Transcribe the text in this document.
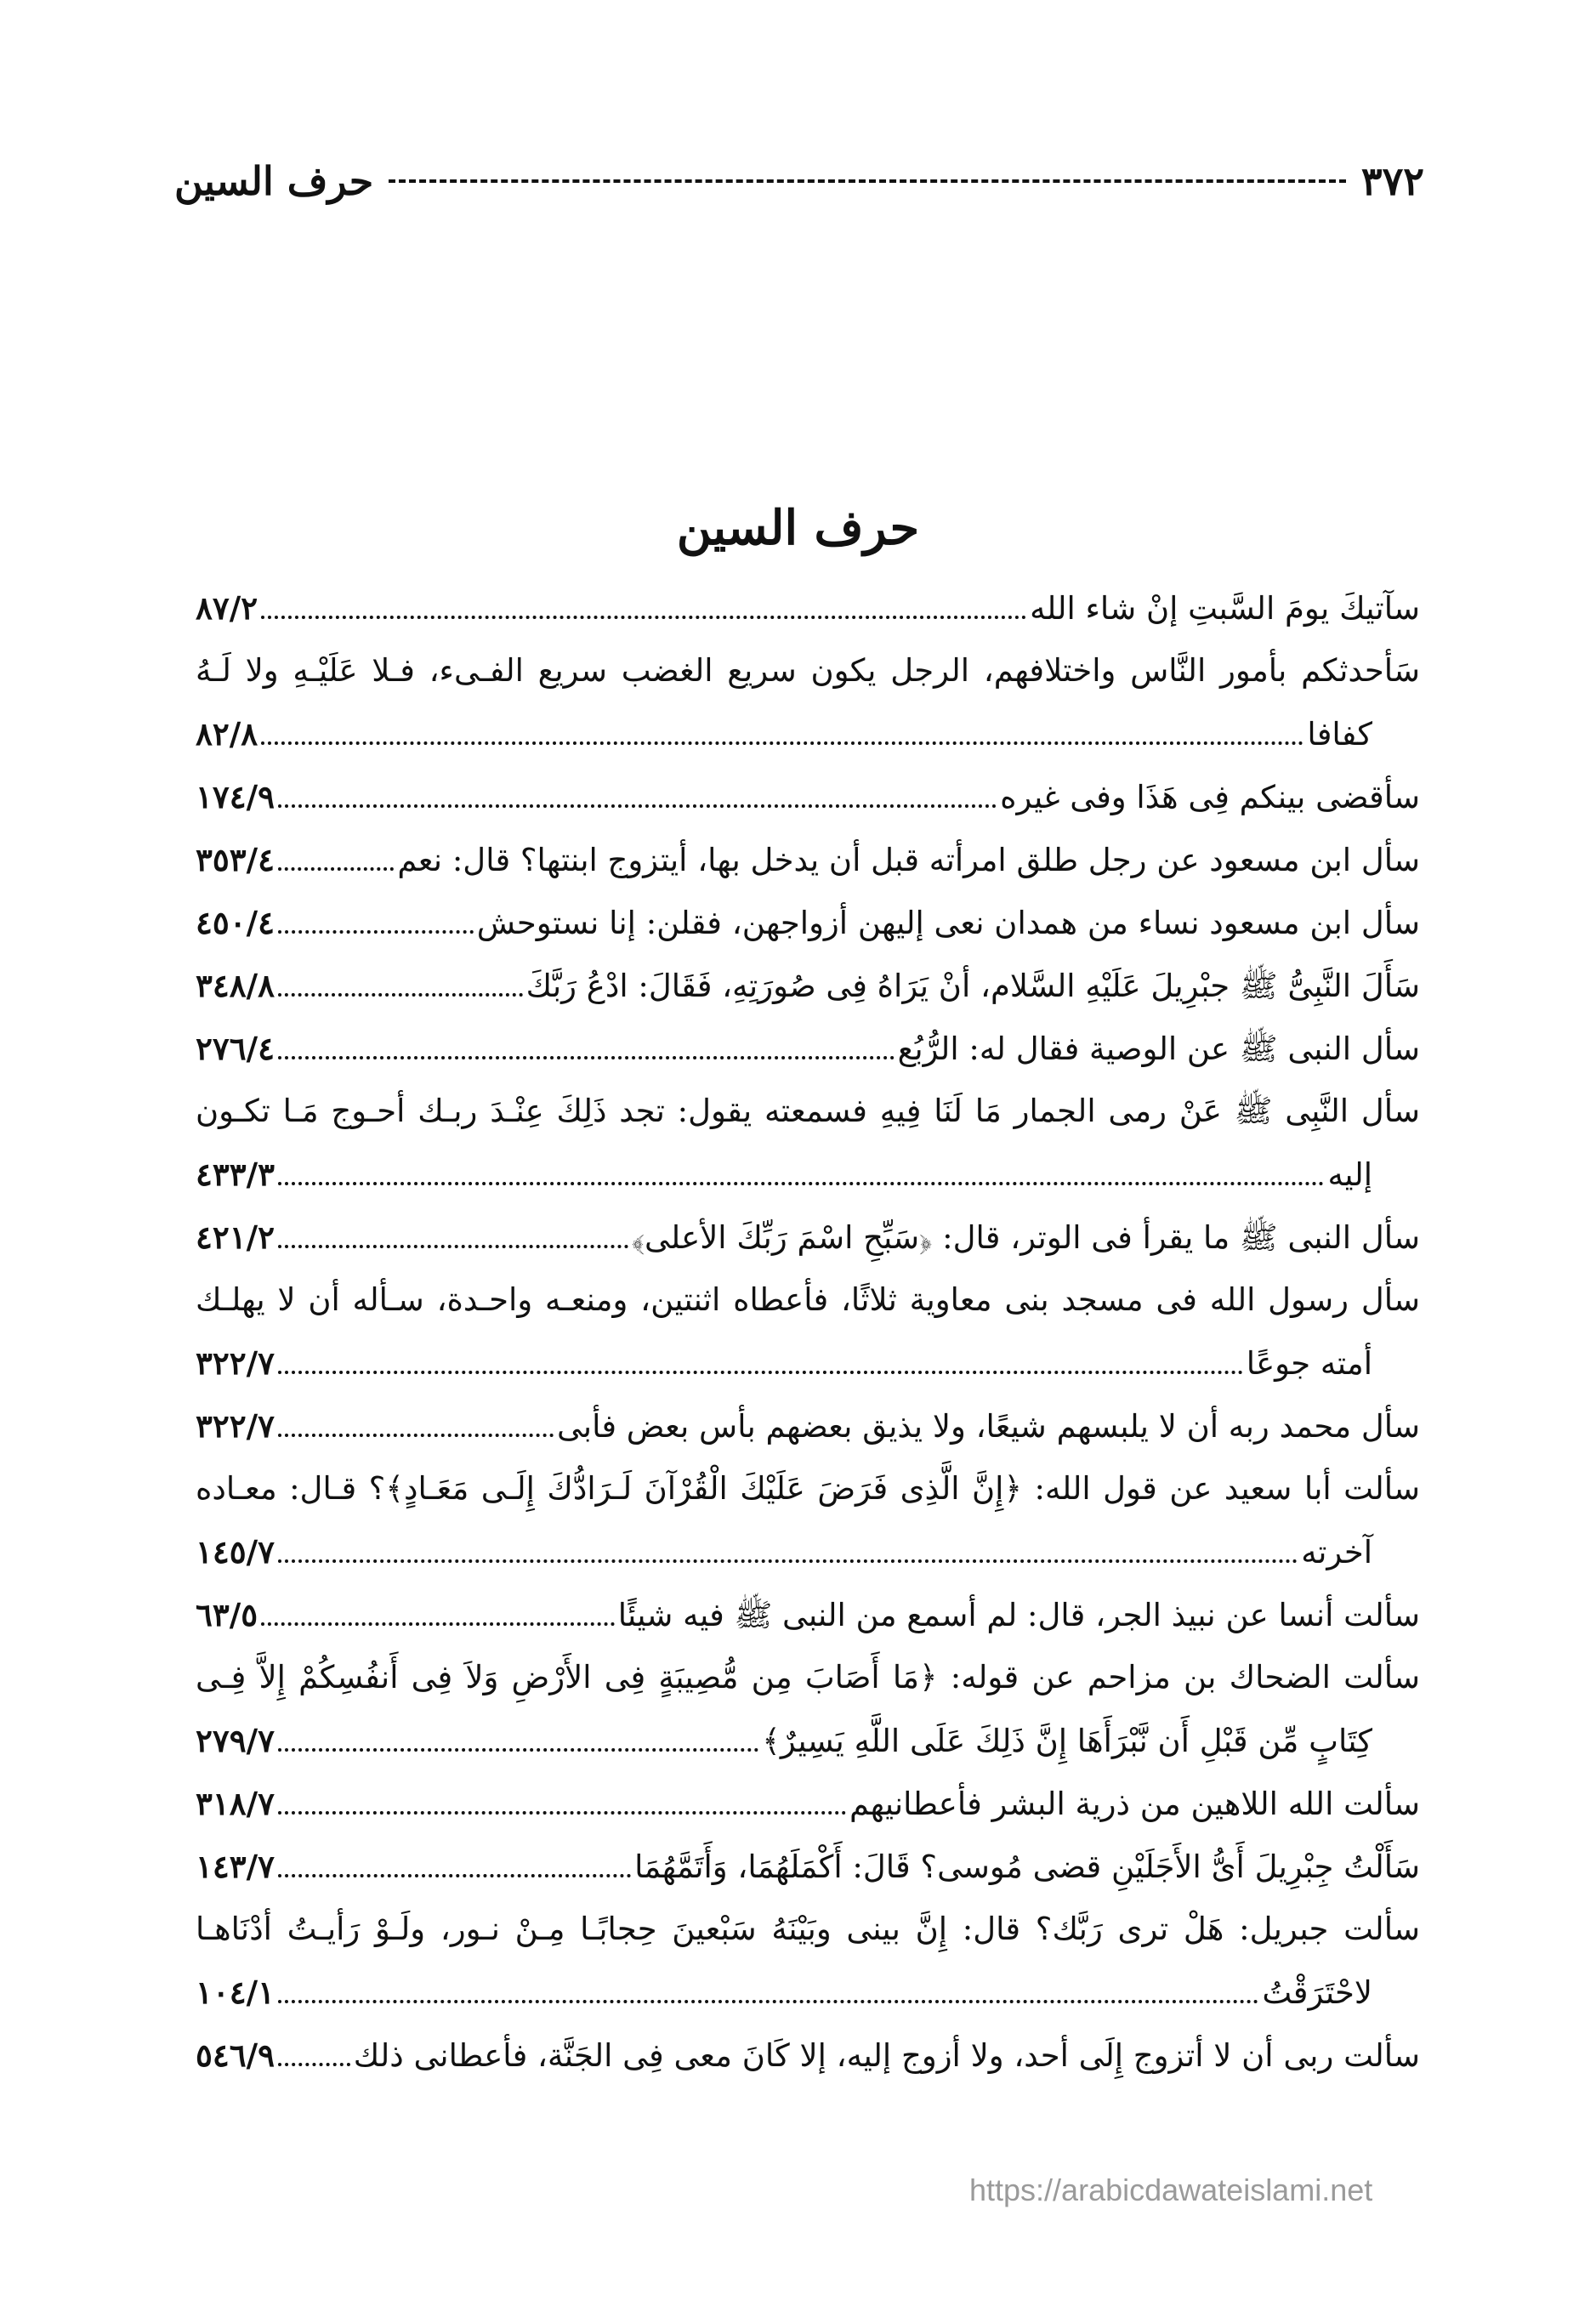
٣٧٢
حرف السين
حرف السين
سآتيكَ يومَ السَّبتِ إنْ شاء الله
٨٧/٢
سَأحدثكم بأمور النَّاس واختلافهم، الرجل يكون سريع الغضب سريع الفـىء، فـلا عَلَيْـهِ ولا لَـهُ
كفافا
٨٢/٨
سأقضى بينكم فِى هَذَا وفى غيره
١٧٤/٩
سأل ابن مسعود عن رجل طلق امرأته قبل أن يدخل بها، أيتزوج ابنتها؟ قال: نعم
٣٥٣/٤
سأل ابن مسعود نساء من همدان نعى إليهن أزواجهن، فقلن: إنا نستوحش
٤٥٠/٤
سَأَلَ النَّبِىُّ ﷺ جبْرِيلَ عَلَيْهِ السَّلام، أنْ يَرَاهُ فِى صُورَتِهِ، فَقَالَ: ادْعُ رَبَّكَ
٣٤٨/٨
سأل النبى ﷺ عن الوصية فقال له: الرُّبُع
٢٧٦/٤
سأل النَّبِى ﷺ عَنْ رمى الجمار مَا لَنَا فِيهِ فسمعته يقول: تجد ذَلِكَ عِنْـدَ ربـك أحـوج مَـا تكـون
إليه
٤٣٣/٣
سأل النبى ﷺ ما يقرأ فى الوتر، قال: ﴿سَبِّحِ اسْمَ رَبِّكَ الأعلى﴾
٤٢١/٢
سأل رسول الله فى مسجد بنى معاوية ثلاثًا، فأعطاه اثنتين، ومنعـه واحـدة، سـأله أن لا يهلـك
أمته جوعًا
٣٢٢/٧
سأل محمد ربه أن لا يلبسهم شيعًا، ولا يذيق بعضهم بأس بعض فأبى
٣٢٢/٧
سألت أبا سعيد عن قول الله: ﴿إِنَّ الَّذِى فَرَضَ عَلَيْكَ الْقُرْآنَ لَـرَادُّكَ إِلَـى مَعَـادٍ﴾؟ قـال: معـاده
آخرته
١٤٥/٧
سألت أنسا عن نبيذ الجر، قال: لم أسمع من النبى ﷺ فيه شيئًا
٦٣/٥
سألت الضحاك بن مزاحم عن قوله: ﴿مَا أَصَابَ مِن مُّصِيبَةٍ فِى الأَرْضِ وَلاَ فِى أَنفُسِكُمْ إِلاَّ فِـى
كِتَابٍ مِّن قَبْلِ أَن نَّبْرَأَهَا إِنَّ ذَلِكَ عَلَى اللَّهِ يَسِيرٌ﴾
٢٧٩/٧
سألت الله اللاهين من ذرية البشر فأعطانيهم
٣١٨/٧
سَأَلْتُ جِبْرِيلَ أَىُّ الأَجَلَيْنِ قضى مُوسى؟ قَالَ: أَكْمَلَهُمَا، وَأَتَمَّهُمَا
١٤٣/٧
سألت جبريل: هَلْ ترى رَبَّك؟ قال: إِنَّ بينى وبَيْنَهُ سَبْعينَ حِجابًـا مِـنْ نـور، ولَـوْ رَأيـتُ أدْنَاهـا
لاحْتَرَقْتُ
١٠٤/١
سألت ربى أن لا أتزوج إِلَى أحد، ولا أزوج إليه، إلا كَانَ معى فِى الجَنَّة، فأعطانى ذلك
٥٤٦/٩
https://arabicdawateislami.net
